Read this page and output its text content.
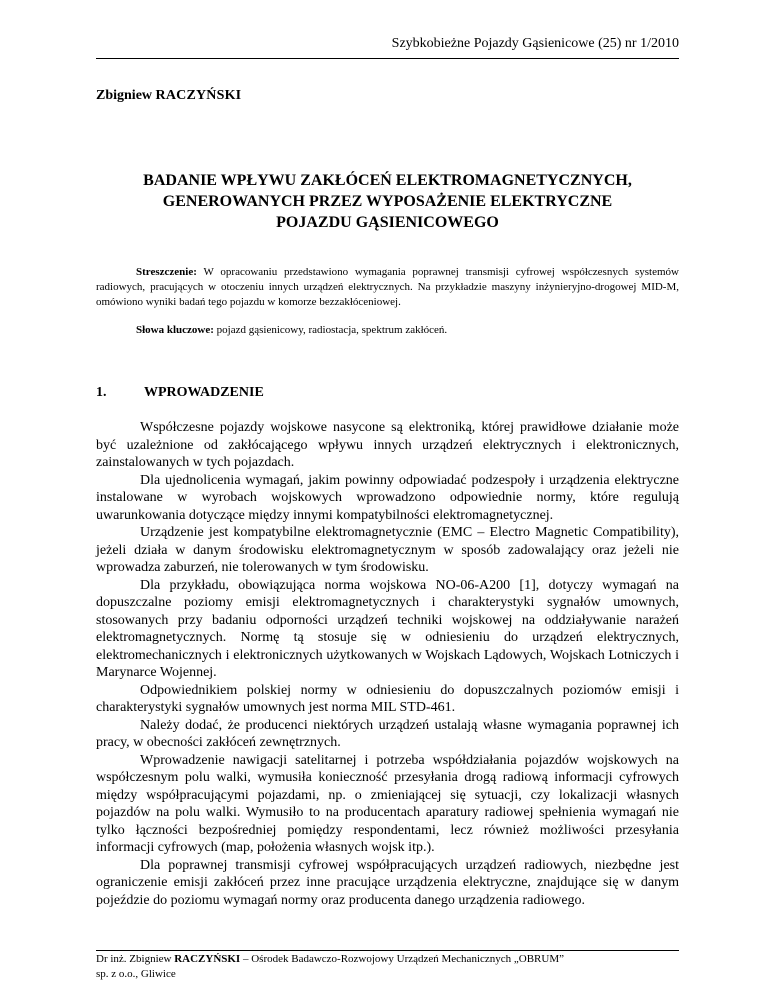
Szybkobieżne Pojazdy Gąsienicowe (25) nr 1/2010
Zbigniew RACZYŃSKI
BADANIE WPŁYWU ZAKŁÓCEŃ ELEKTROMAGNETYCZNYCH,
GENEROWANYCH PRZEZ WYPOSAŻENIE ELEKTRYCZNE
POJAZDU GĄSIENICOWEGO

Streszczenie: W opracowaniu przedstawiono wymagania poprawnej transmisji cyfrowej współczesnych systemów radiowych, pracujących w otoczeniu innych urządzeń elektrycznych. Na przykładzie maszyny inżynieryjno-drogowej MID-M, omówiono wyniki badań tego pojazdu w komorze bezzakłóceniowej.

Słowa kluczowe: pojazd gąsienicowy, radiostacja, spektrum zakłóceń.
1.	WPROWADZENIE

Współczesne pojazdy wojskowe nasycone są elektroniką, której prawidłowe działanie może być uzależnione od zakłócającego wpływu innych urządzeń elektrycznych i elektronicznych, zainstalowanych w tych pojazdach.

Dla ujednolicenia wymagań, jakim powinny odpowiadać podzespoły i urządzenia elektryczne instalowane w wyrobach wojskowych wprowadzono odpowiednie normy, które regulują uwarunkowania dotyczące między innymi kompatybilności elektromagnetycznej.

Urządzenie jest kompatybilne elektromagnetycznie (EMC – Electro Magnetic Compatibility), jeżeli działa w danym środowisku elektromagnetycznym w sposób zadowalający oraz jeżeli nie wprowadza zaburzeń, nie tolerowanych w tym środowisku.

Dla przykładu, obowiązująca norma wojskowa NO-06-A200 [1], dotyczy wymagań na dopuszczalne poziomy emisji elektromagnetycznych i charakterystyki sygnałów umownych, stosowanych przy badaniu odporności urządzeń techniki wojskowej na oddziaływanie narażeń elektromagnetycznych. Normę tą stosuje się w odniesieniu do urządzeń elektrycznych, elektromechanicznych i elektronicznych użytkowanych w Wojskach Lądowych, Wojskach Lotniczych i Marynarce Wojennej.

Odpowiednikiem polskiej normy w odniesieniu do dopuszczalnych poziomów emisji i charakterystyki sygnałów umownych jest norma MIL STD-461.

Należy dodać, że producenci niektórych urządzeń ustalają własne wymagania poprawnej ich pracy, w obecności zakłóceń zewnętrznych.

Wprowadzenie nawigacji satelitarnej i potrzeba współdziałania pojazdów wojskowych na współczesnym polu walki, wymusiła konieczność przesyłania drogą radiową informacji cyfrowych między współpracującymi pojazdami, np. o zmieniającej się sytuacji, czy lokalizacji własnych pojazdów na polu walki. Wymusiło to na producentach aparatury radiowej spełnienia wymagań nie tylko łączności bezpośredniej pomiędzy respondentami, lecz również możliwości przesyłania informacji cyfrowych (map, położenia własnych wojsk itp.).

Dla poprawnej transmisji cyfrowej współpracujących urządzeń radiowych, niezbędne jest ograniczenie emisji zakłóceń przez inne pracujące urządzenia elektryczne, znajdujące się w danym pojeździe do poziomu wymagań normy oraz producenta danego urządzenia radiowego.

Dr inż. Zbigniew RACZYŃSKI – Ośrodek Badawczo-Rozwojowy Urządzeń Mechanicznych „OBRUM”
sp. z o.o., Gliwice
